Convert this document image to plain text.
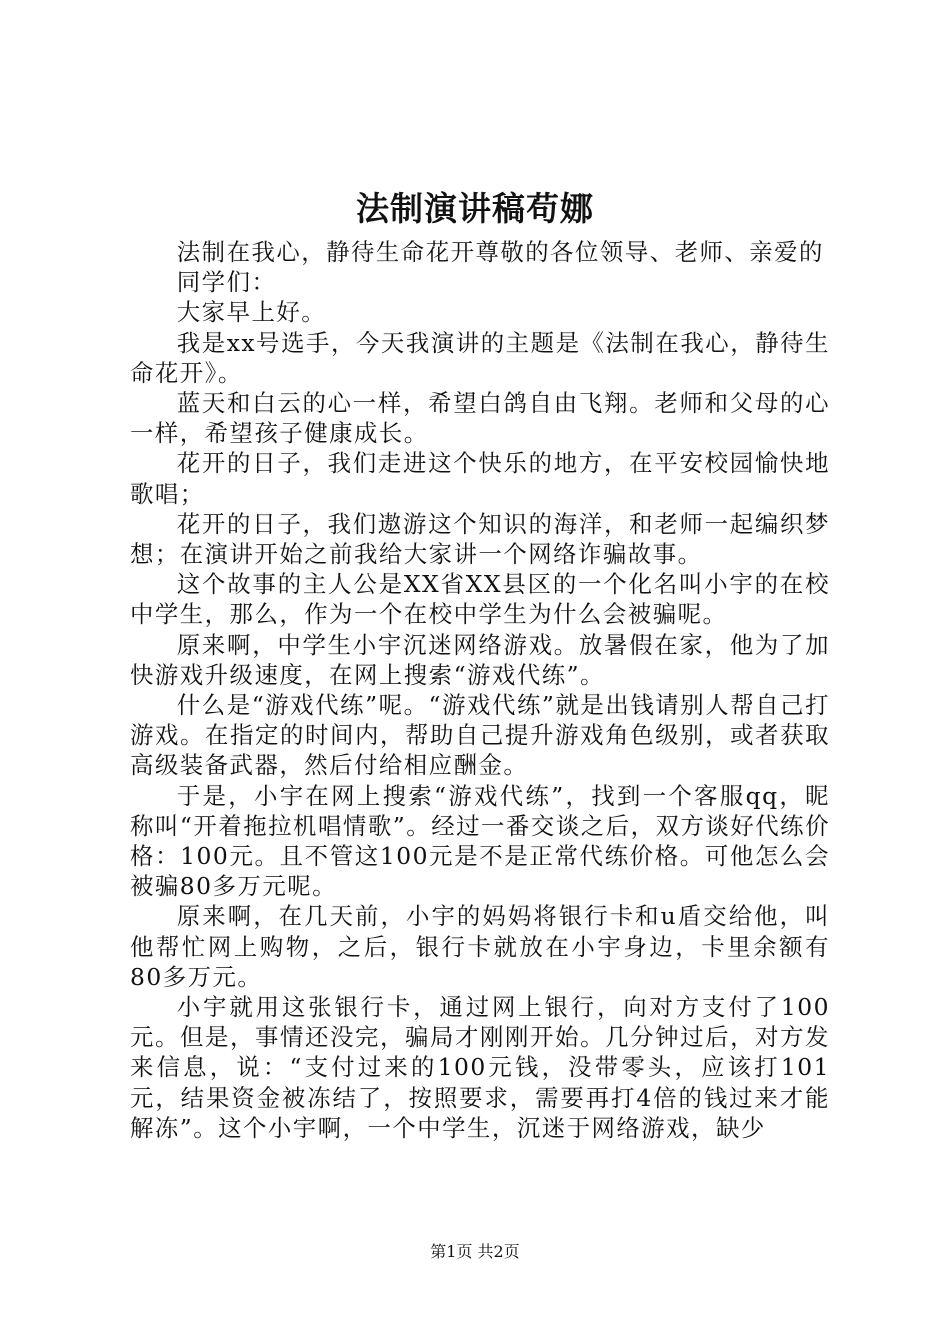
法制演讲稿苟娜

法制在我心，静待生命花开尊敬的各位领导、老师、亲爱的

同学们：

大家早上好。

我是xx号选手，今天我演讲的主题是《法制在我心，静待生命花开》。

蓝天和白云的心一样，希望白鸽自由飞翔。老师和父母的心一样，希望孩子健康成长。

花开的日子，我们走进这个快乐的地方，在平安校园愉快地歌唱；

花开的日子，我们遨游这个知识的海洋，和老师一起编织梦想；在演讲开始之前我给大家讲一个网络诈骗故事。

这个故事的主人公是XX省XX县区的一个化名叫小宇的在校中学生，那么，作为一个在校中学生为什么会被骗呢。

原来啊，中学生小宇沉迷网络游戏。放暑假在家，他为了加快游戏升级速度，在网上搜索“游戏代练”。

什么是“游戏代练”呢。“游戏代练”就是出钱请别人帮自己打游戏。在指定的时间内，帮助自己提升游戏角色级别，或者获取高级装备武器，然后付给相应酬金。

于是，小宇在网上搜索“游戏代练”，找到一个客服qq，昵称叫“开着拖拉机唱情歌”。经过一番交谈之后，双方谈好代练价格：100元。且不管这100元是不是正常代练价格。可他怎么会被骗80多万元呢。

原来啊，在几天前，小宇的妈妈将银行卡和u盾交给他，叫他帮忙网上购物，之后，银行卡就放在小宇身边，卡里余额有80多万元。

小宇就用这张银行卡，通过网上银行，向对方支付了100元。但是，事情还没完，骗局才刚刚开始。几分钟过后，对方发来信息，说：“支付过来的100元钱，没带零头，应该打101元，结果资金被冻结了，按照要求，需要再打4倍的钱过来才能解冻”。这个小宇啊，一个中学生，沉迷于网络游戏，缺少

第1页 共2页
